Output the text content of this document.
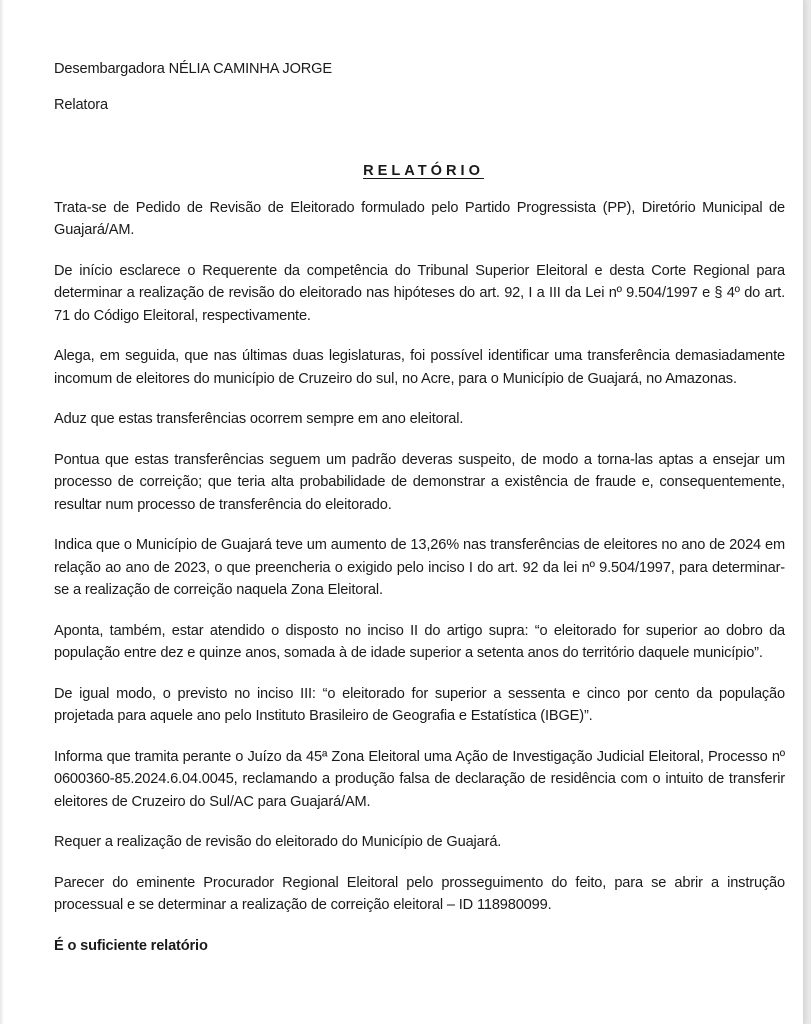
Desembargadora NÉLIA CAMINHA JORGE

Relatora

RELATÓRIO

Trata-se de Pedido de Revisão de Eleitorado formulado pelo Partido Progressista (PP), Diretório Municipal de Guajará/AM.

De início esclarece o Requerente da competência do Tribunal Superior Eleitoral e desta Corte Regional para determinar a realização de revisão do eleitorado nas hipóteses do art. 92, I a III da Lei nº 9.504/1997 e § 4º do art. 71 do Código Eleitoral, respectivamente.

Alega, em seguida, que nas últimas duas legislaturas, foi possível identificar uma transferência demasiadamente incomum de eleitores do município de Cruzeiro do sul, no Acre, para o Município de Guajará, no Amazonas.

Aduz que estas transferências ocorrem sempre em ano eleitoral.

Pontua que estas transferências seguem um padrão deveras suspeito, de modo a torna-las aptas a ensejar um processo de correição; que teria alta probabilidade de demonstrar a existência de fraude e, consequentemente, resultar num processo de transferência do eleitorado.

Indica que o Município de Guajará teve um aumento de 13,26% nas transferências de eleitores no ano de 2024 em relação ao ano de 2023, o que preencheria o exigido pelo inciso I do art. 92 da lei nº 9.504/1997, para determinar-se a realização de correição naquela Zona Eleitoral.

Aponta, também, estar atendido o disposto no inciso II do artigo supra: “o eleitorado for superior ao dobro da população entre dez e quinze anos, somada à de idade superior a setenta anos do território daquele município”.

De igual modo, o previsto no inciso III: “o eleitorado for superior a sessenta e cinco por cento da população projetada para aquele ano pelo Instituto Brasileiro de Geografia e Estatística (IBGE)”.

Informa que tramita perante o Juízo da 45ª Zona Eleitoral uma Ação de Investigação Judicial Eleitoral, Processo nº 0600360-85.2024.6.04.0045, reclamando a produção falsa de declaração de residência com o intuito de transferir eleitores de Cruzeiro do Sul/AC para Guajará/AM.

Requer a realização de revisão do eleitorado do Município de Guajará.

Parecer do eminente Procurador Regional Eleitoral pelo prosseguimento do feito, para se abrir a instrução processual e se determinar a realização de correição eleitoral – ID 118980099.

É o suficiente relatório
